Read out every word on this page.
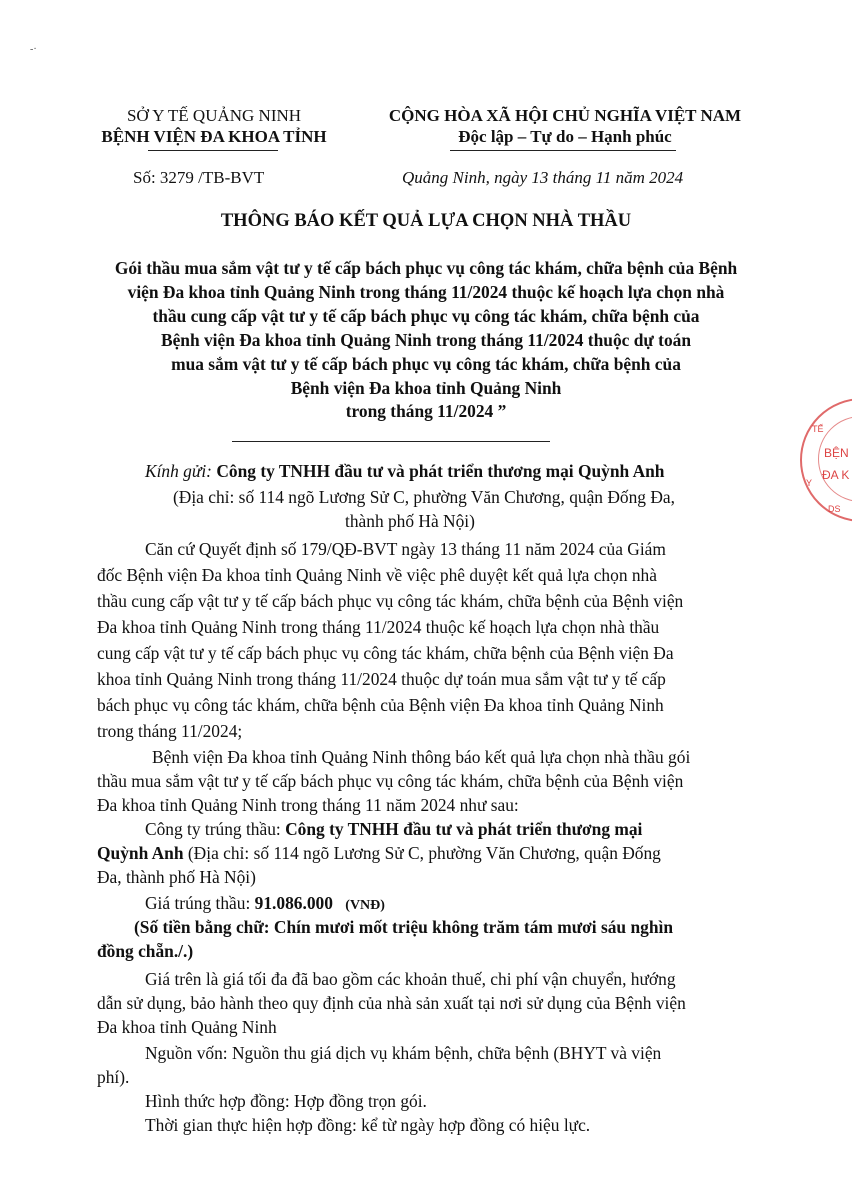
-·
SỞ Y TẾ QUẢNG NINH
BỆNH VIỆN ĐA KHOA TỈNH
CỘNG HÒA XÃ HỘI CHỦ NGHĨA VIỆT NAM
Độc lập – Tự do – Hạnh phúc
Số: 3279 /TB-BVT	Quảng Ninh, ngày 13 tháng 11 năm 2024
THÔNG BÁO KẾT QUẢ LỰA CHỌN NHÀ THẦU
Gói thầu mua sắm vật tư y tế cấp bách phục vụ công tác khám, chữa bệnh của Bệnh
viện Đa khoa tỉnh Quảng Ninh trong tháng 11/2024 thuộc kế hoạch lựa chọn nhà
thầu cung cấp vật tư y tế cấp bách phục vụ công tác khám, chữa bệnh của
Bệnh viện Đa khoa tỉnh Quảng Ninh trong tháng 11/2024 thuộc dự toán
mua sắm vật tư y tế cấp bách phục vụ công tác khám, chữa bệnh của
Bệnh viện Đa khoa tỉnh Quảng Ninh
trong tháng 11/2024 ”
BỆN
ĐA K
Y
TẾ
DS
Kính gửi: Công ty TNHH đầu tư và phát triển thương mại Quỳnh Anh
(Địa chỉ: số 114 ngõ Lương Sử C, phường Văn Chương, quận Đống Đa,
thành phố Hà Nội)
Căn cứ Quyết định số 179/QĐ-BVT ngày 13 tháng 11 năm 2024 của Giám
đốc Bệnh viện Đa khoa tỉnh Quảng Ninh về việc phê duyệt kết quả lựa chọn nhà
thầu cung cấp vật tư y tế cấp bách phục vụ công tác khám, chữa bệnh của Bệnh viện
Đa khoa tỉnh Quảng Ninh trong tháng 11/2024 thuộc kế hoạch lựa chọn nhà thầu
cung cấp vật tư y tế cấp bách phục vụ công tác khám, chữa bệnh của Bệnh viện Đa
khoa tỉnh Quảng Ninh trong tháng 11/2024 thuộc dự toán mua sắm vật tư y tế cấp
bách phục vụ công tác khám, chữa bệnh của Bệnh viện Đa khoa tỉnh Quảng Ninh
trong tháng 11/2024;
Bệnh viện Đa khoa tỉnh Quảng Ninh thông báo kết quả lựa chọn nhà thầu gói
thầu mua sắm vật tư y tế cấp bách phục vụ công tác khám, chữa bệnh của Bệnh viện
Đa khoa tỉnh Quảng Ninh trong tháng 11 năm 2024 như sau:
Công ty trúng thầu: Công ty TNHH đầu tư và phát triển thương mại
Quỳnh Anh (Địa chỉ: số 114 ngõ Lương Sử C, phường Văn Chương, quận Đống
Đa, thành phố Hà Nội)
Giá trúng thầu: 91.086.000 (VNĐ)
(Số tiền bằng chữ: Chín mươi mốt triệu không trăm tám mươi sáu nghìn
đồng chẵn./.)
Giá trên là giá tối đa đã bao gồm các khoản thuế, chi phí vận chuyển, hướng
dẫn sử dụng, bảo hành theo quy định của nhà sản xuất tại nơi sử dụng của Bệnh viện
Đa khoa tỉnh Quảng Ninh
Nguồn vốn: Nguồn thu giá dịch vụ khám bệnh, chữa bệnh (BHYT và viện
phí).
Hình thức hợp đồng: Hợp đồng trọn gói.
Thời gian thực hiện hợp đồng: kể từ ngày hợp đồng có hiệu lực.
